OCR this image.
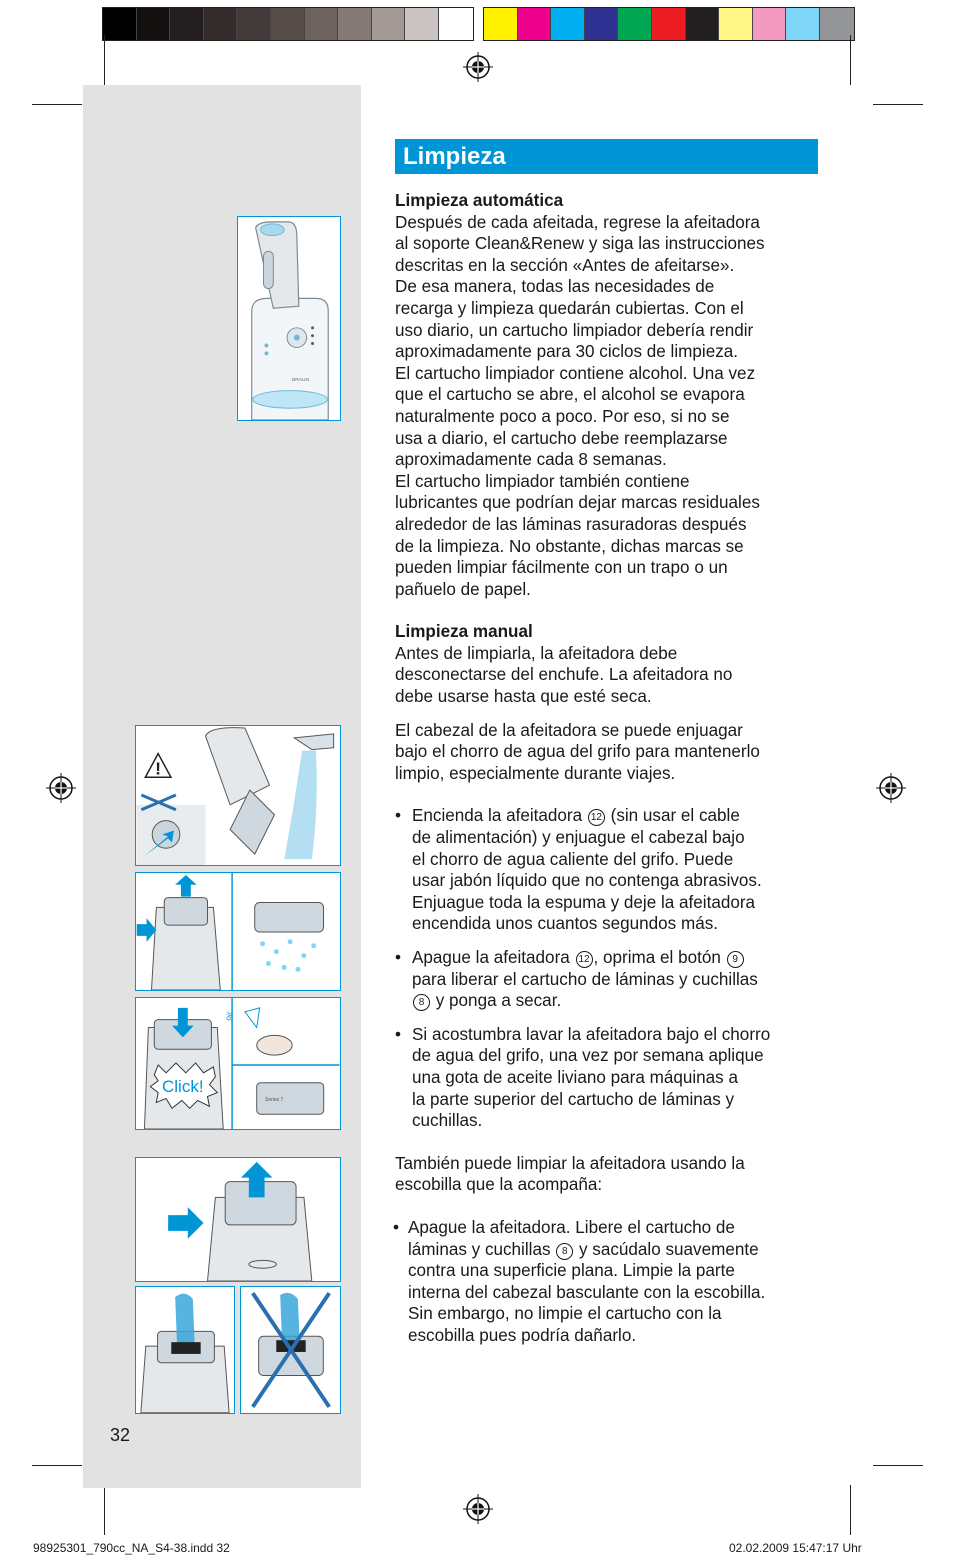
BRAUN
!
Click!
oil
Series 7
Limpieza

Limpieza automática

Después de cada afeitada, regrese la afeitadora

al soporte Clean&Renew y siga las instrucciones

descritas en la sección «Antes de afeitarse».

De esa manera, todas las necesidades de

recarga y limpieza quedarán cubiertas. Con el

uso diario, un cartucho limpiador debería rendir

aproximadamente para 30 ciclos de limpieza.

El cartucho limpiador contiene alcohol. Una vez

que el cartucho se abre, el alcohol se evapora

naturalmente poco a poco. Por eso, si no se

usa a diario, el cartucho debe reemplazarse

aproximadamente cada 8 semanas.

El cartucho limpiador también contiene

lubricantes que podrían dejar marcas residuales

alrededor de las láminas rasuradoras después

de la limpieza. No obstante, dichas marcas se

pueden limpiar fácilmente con un trapo o un

pañuelo de papel.

Limpieza manual

Antes de limpiarla, la afeitadora debe

desconectarse del enchufe. La afeitadora no

debe usarse hasta que esté seca.

El cabezal de la afeitadora se puede enjuagar

bajo el chorro de agua del grifo para mantenerlo

limpio, especialmente durante viajes.

• Encienda la afeitadora 12 (sin usar el cable

de alimentación) y enjuague el cabezal bajo

el chorro de agua caliente del grifo. Puede

usar jabón líquido que no contenga abrasivos.

Enjuague toda la espuma y deje la afeitadora

encendida unos cuantos segundos más.

• Apague la afeitadora 12 , oprima el botón 9

para liberar el cartucho de láminas y cuchillas

8 y ponga a secar.

• Si acostumbra lavar la afeitadora bajo el chorro

de agua del grifo, una vez por semana aplique

una gota de aceite liviano para máquinas a

la parte superior del cartucho de láminas y

cuchillas.

También puede limpiar la afeitadora usando la

escobilla que la acompaña:

• Apague la afeitadora. Libere el cartucho de

láminas y cuchillas 8 y sacúdalo suavemente

contra una superficie plana. Limpie la parte

interna del cabezal basculante con la escobilla.

Sin embargo, no limpie el cartucho con la

escobilla pues podría dañarlo.

32
98925301_790cc_NA_S4-38.indd 32	02.02.2009 15:47:17 Uhr
